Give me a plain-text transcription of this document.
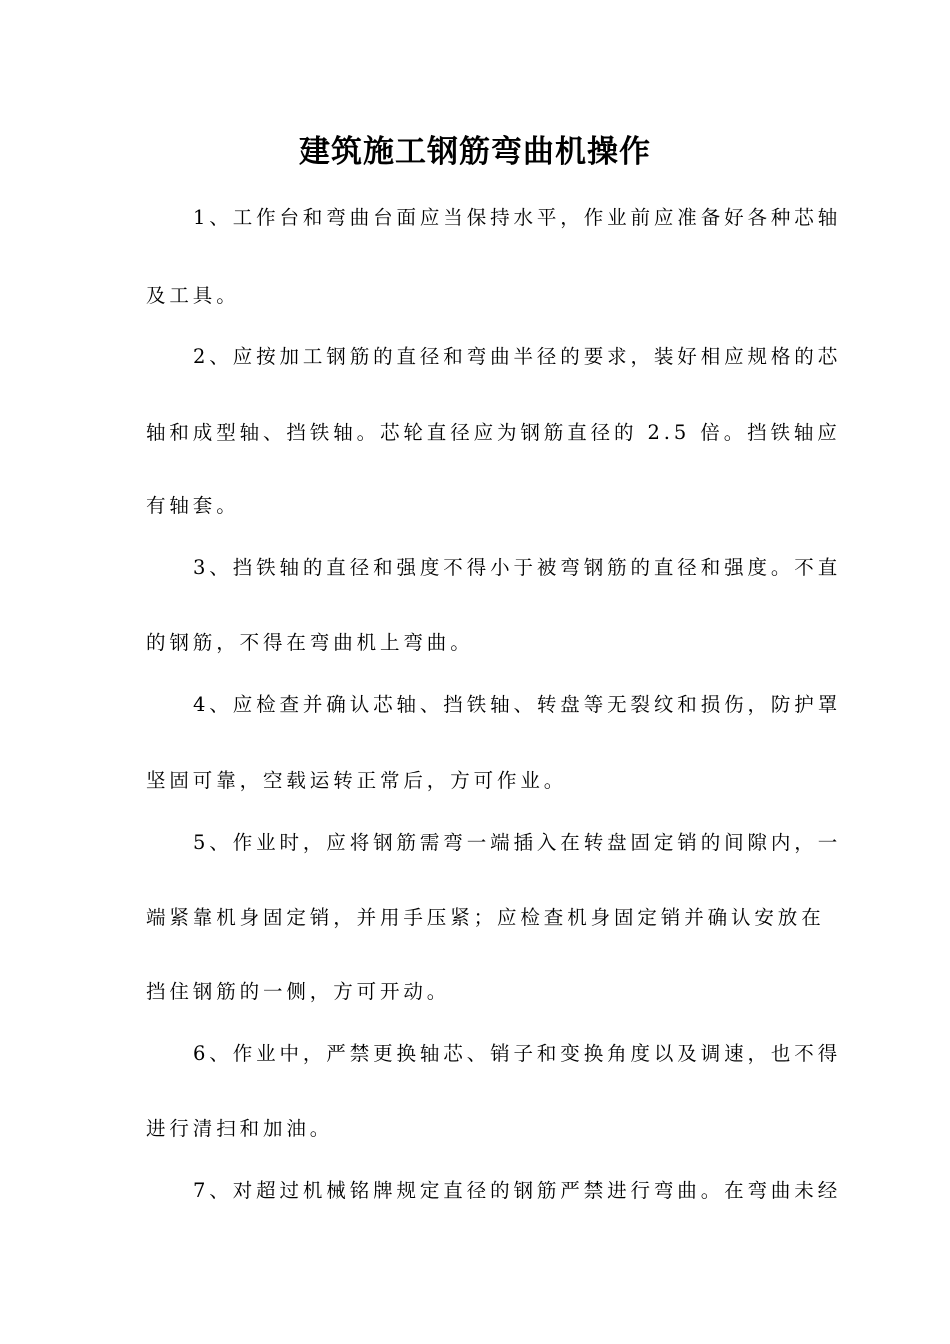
建筑施工钢筋弯曲机操作
1、工作台和弯曲台面应当保持水平，作业前应准备好各种芯轴
及工具。
2、应按加工钢筋的直径和弯曲半径的要求，装好相应规格的芯
轴和成型轴、挡铁轴。芯轮直径应为钢筋直径的 2.5 倍。挡铁轴应
有轴套。
3、挡铁轴的直径和强度不得小于被弯钢筋的直径和强度。不直
的钢筋，不得在弯曲机上弯曲。
4、应检查并确认芯轴、挡铁轴、转盘等无裂纹和损伤，防护罩
坚固可靠，空载运转正常后，方可作业。
5、作业时，应将钢筋需弯一端插入在转盘固定销的间隙内，一
端紧靠机身固定销，并用手压紧；应检查机身固定销并确认安放在
挡住钢筋的一侧，方可开动。
6、作业中，严禁更换轴芯、销子和变换角度以及调速，也不得
进行清扫和加油。
7、对超过机械铭牌规定直径的钢筋严禁进行弯曲。在弯曲未经
